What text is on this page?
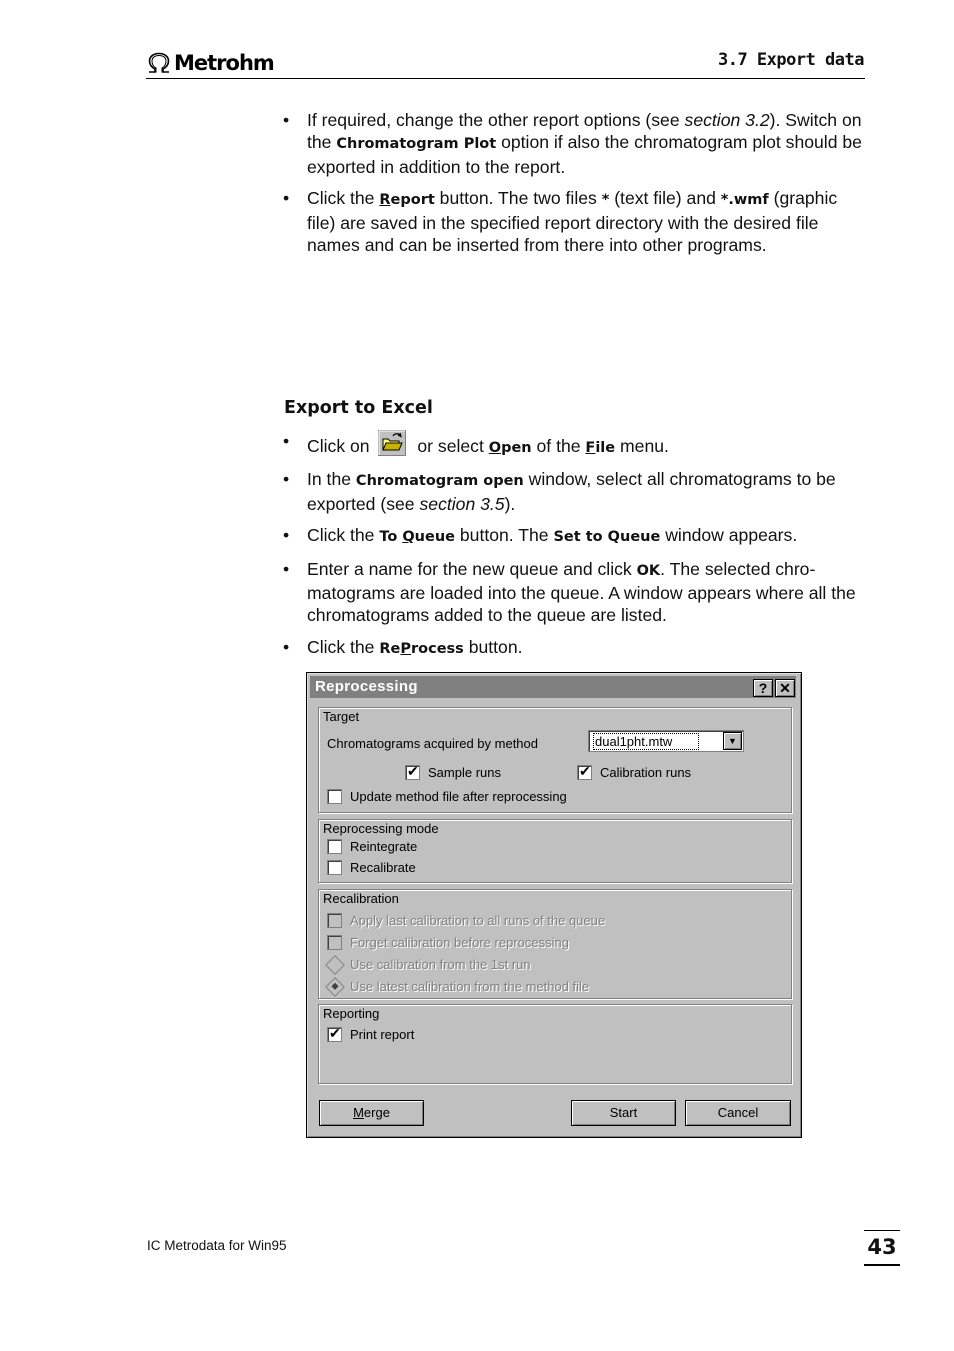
Metrohm	3.7 Export data
• If required, change the other report options (see section 3.2). Switch on the Chromatogram Plot option if also the chromatogram plot should be exported in addition to the report.
• Click the Report button. The two files * (text file) and *.wmf (graphic file) are saved in the specified report directory with the desired file names and can be inserted from there into other programs.
Export to Excel
• Click on	or select Open of the File menu.
• In the Chromatogram open window, select all chromatograms to be exported (see section 3.5).
• Click the To Queue button. The Set to Queue window appears.
• Enter a name for the new queue and click OK. The selected chro-matograms are loaded into the queue. A window appears where all the chromatograms added to the queue are listed.
• Click the ReProcess button.
Reprocessing	? ✕
Target
Chromatograms acquired by method	dual1pht.mtw	▼
✔
Sample runs
✔	Calibration runs
Update method file after reprocessing
Reprocessing mode
Reintegrate
Recalibrate
Recalibration
Apply last calibration to all runs of the queue
Forget calibration before reprocessing
Use calibration from the 1st run
Use latest calibration from the method file
Reporting
✔
Print report
Merge	Start	Cancel
IC Metrodata for Win95	43
